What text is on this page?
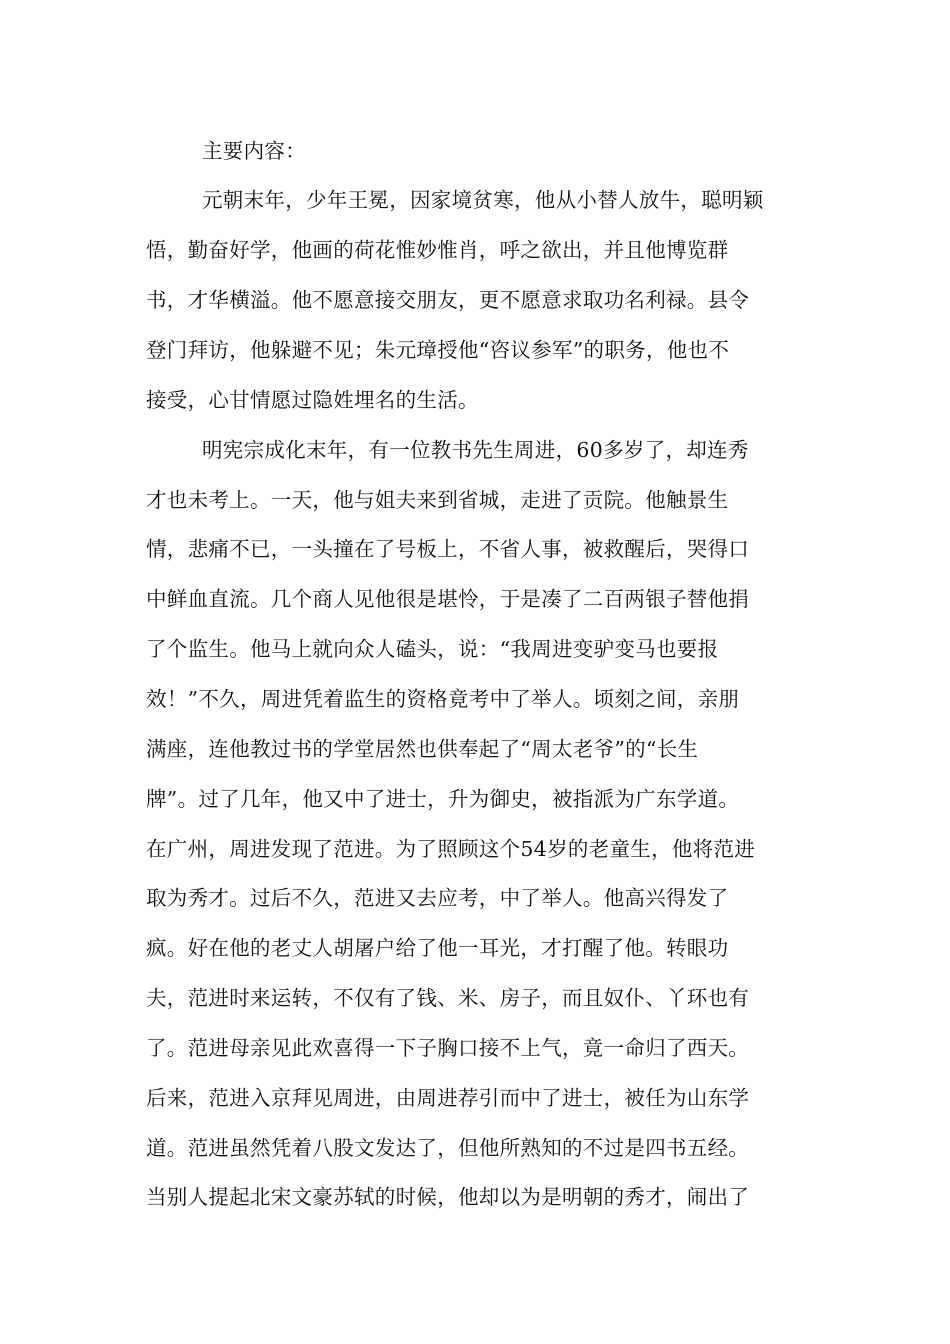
主要内容：
元朝末年，少年王冕，因家境贫寒，他从小替人放牛，聪明颖
悟，勤奋好学，他画的荷花惟妙惟肖，呼之欲出，并且他博览群
书，才华横溢。他不愿意接交朋友，更不愿意求取功名利禄。县令
登门拜访，他躲避不见；朱元璋授他“咨议参军”的职务，他也不
接受，心甘情愿过隐姓埋名的生活。
明宪宗成化末年，有一位教书先生周进，60多岁了，却连秀
才也未考上。一天，他与姐夫来到省城，走进了贡院。他触景生
情，悲痛不已，一头撞在了号板上，不省人事，被救醒后，哭得口
中鲜血直流。几个商人见他很是堪怜，于是凑了二百两银子替他捐
了个监生。他马上就向众人磕头，说：“我周进变驴变马也要报
效！”不久，周进凭着监生的资格竟考中了举人。顷刻之间，亲朋
满座，连他教过书的学堂居然也供奉起了“周太老爷”的“长生
牌”。过了几年，他又中了进士，升为御史，被指派为广东学道。
在广州，周进发现了范进。为了照顾这个54岁的老童生，他将范进
取为秀才。过后不久，范进又去应考，中了举人。他高兴得发了
疯。好在他的老丈人胡屠户给了他一耳光，才打醒了他。转眼功
夫，范进时来运转，不仅有了钱、米、房子，而且奴仆、丫环也有
了。范进母亲见此欢喜得一下子胸口接不上气，竟一命归了西天。
后来，范进入京拜见周进，由周进荐引而中了进士，被任为山东学
道。范进虽然凭着八股文发达了，但他所熟知的不过是四书五经。
当别人提起北宋文豪苏轼的时候，他却以为是明朝的秀才，闹出了
